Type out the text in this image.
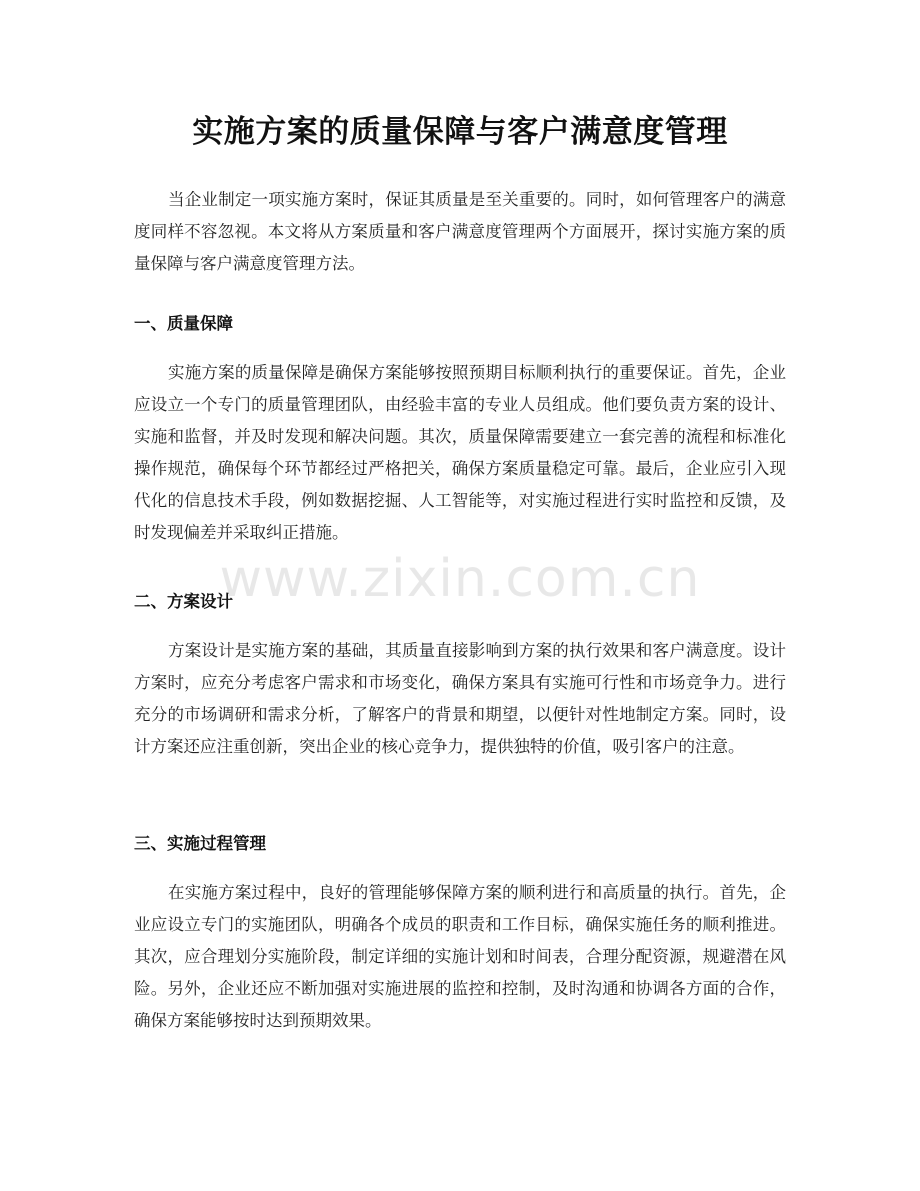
实施方案的质量保障与客户满意度管理

当企业制定一项实施方案时，保证其质量是至关重要的。同时，如何管理客户的满意度同样不容忽视。本文将从方案质量和客户满意度管理两个方面展开，探讨实施方案的质量保障与客户满意度管理方法。

一、质量保障

实施方案的质量保障是确保方案能够按照预期目标顺利执行的重要保证。首先，企业应设立一个专门的质量管理团队，由经验丰富的专业人员组成。他们要负责方案的设计、实施和监督，并及时发现和解决问题。其次，质量保障需要建立一套完善的流程和标准化操作规范，确保每个环节都经过严格把关，确保方案质量稳定可靠。最后，企业应引入现代化的信息技术手段，例如数据挖掘、人工智能等，对实施过程进行实时监控和反馈，及时发现偏差并采取纠正措施。

二、方案设计

方案设计是实施方案的基础，其质量直接影响到方案的执行效果和客户满意度。设计方案时，应充分考虑客户需求和市场变化，确保方案具有实施可行性和市场竞争力。进行充分的市场调研和需求分析，了解客户的背景和期望，以便针对性地制定方案。同时，设计方案还应注重创新，突出企业的核心竞争力，提供独特的价值，吸引客户的注意。

三、实施过程管理

在实施方案过程中，良好的管理能够保障方案的顺利进行和高质量的执行。首先，企业应设立专门的实施团队，明确各个成员的职责和工作目标，确保实施任务的顺利推进。其次，应合理划分实施阶段，制定详细的实施计划和时间表，合理分配资源，规避潜在风险。另外，企业还应不断加强对实施进展的监控和控制，及时沟通和协调各方面的合作，确保方案能够按时达到预期效果。

www.zixin.com.cn
